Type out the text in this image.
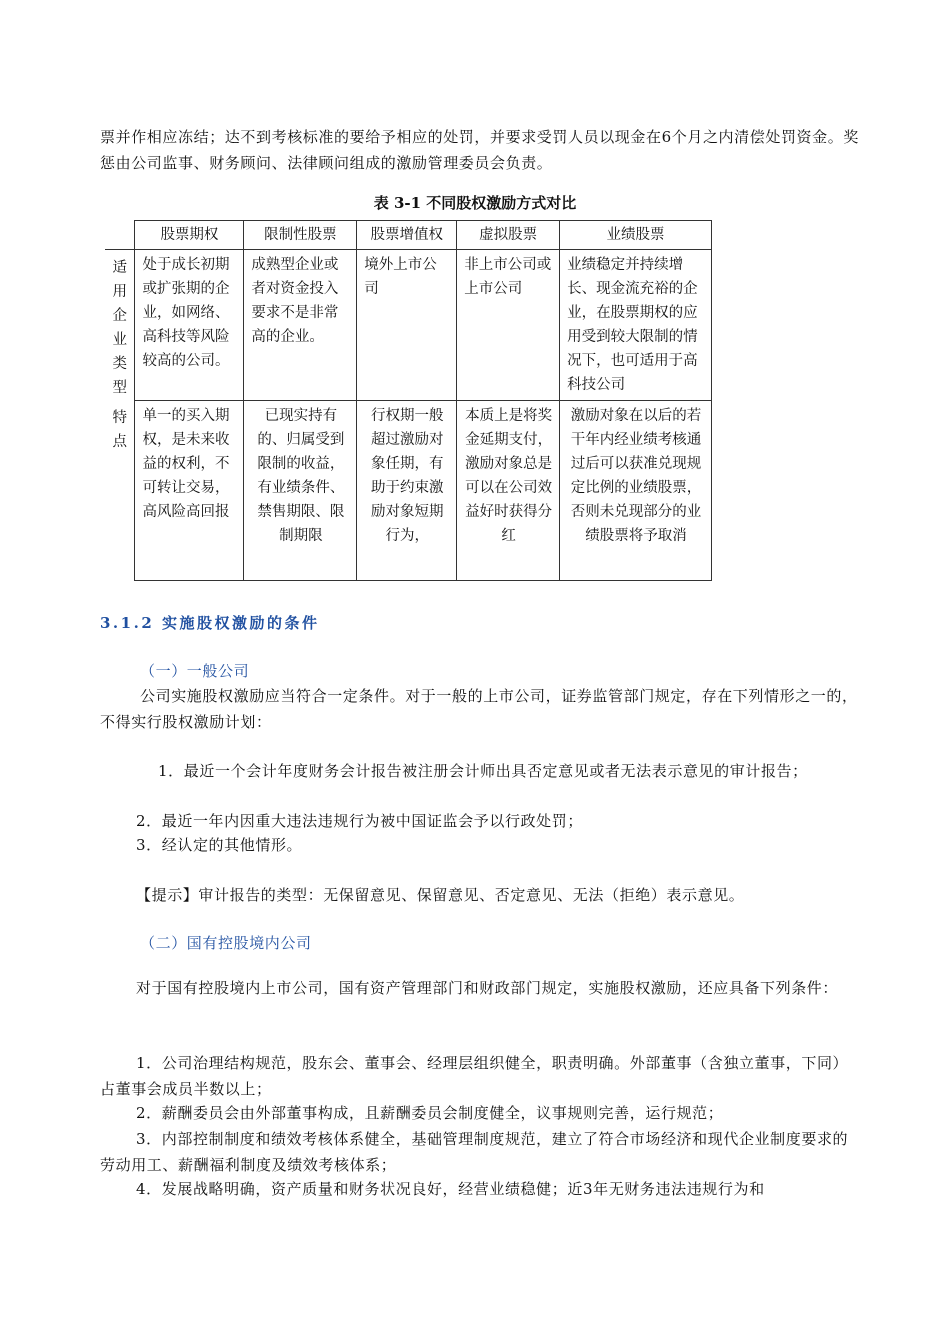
票并作相应冻结；达不到考核标准的要给予相应的处罚，并要求受罚人员以现金在6个月之内清偿处罚资金。奖惩由公司监事、财务顾问、法律顾问组成的激励管理委员会负责。

表 3-1 不同股权激励方式对比
	股票期权	限制性股票	股票增值权	虚拟股票	业绩股票
适用企业类型	处于成长初期或扩张期的企业，如网络、高科技等风险较高的公司。	成熟型企业或者对资金投入要求不是非常高的企业。	境外上市公司	非上市公司或上市公司	业绩稳定并持续增长、现金流充裕的企业，在股票期权的应用受到较大限制的情况下，也可适用于高科技公司
特点	单一的买入期权，是未来收益的权利，不可转让交易，高风险高回报	已现实持有的、归属受到限制的收益，有业绩条件、禁售期限、限制期限	行权期一般超过激励对象任期，有助于约束激励对象短期行为，	本质上是将奖金延期支付，激励对象总是可以在公司效益好时获得分红	激励对象在以后的若干年内经业绩考核通过后可以获准兑现规定比例的业绩股票，否则未兑现部分的业绩股票将予取消
3.1.2 实施股权激励的条件
（一）一般公司

公司实施股权激励应当符合一定条件。对于一般的上市公司，证券监管部门规定，存在下列情形之一的，不得实行股权激励计划：

1．最近一个会计年度财务会计报告被注册会计师出具否定意见或者无法表示意见的审计报告；

2．最近一年内因重大违法违规行为被中国证监会予以行政处罚；

3．经认定的其他情形。

【提示】审计报告的类型：无保留意见、保留意见、否定意见、无法（拒绝）表示意见。

（二）国有控股境内公司

对于国有控股境内上市公司，国有资产管理部门和财政部门规定，实施股权激励，还应具备下列条件：

1．公司治理结构规范，股东会、董事会、经理层组织健全，职责明确。外部董事（含独立董事，下同）占董事会成员半数以上；

2．薪酬委员会由外部董事构成，且薪酬委员会制度健全，议事规则完善，运行规范；

3．内部控制制度和绩效考核体系健全，基础管理制度规范，建立了符合市场经济和现代企业制度要求的劳动用工、薪酬福利制度及绩效考核体系；

4．发展战略明确，资产质量和财务状况良好，经营业绩稳健；近3年无财务违法违规行为和
